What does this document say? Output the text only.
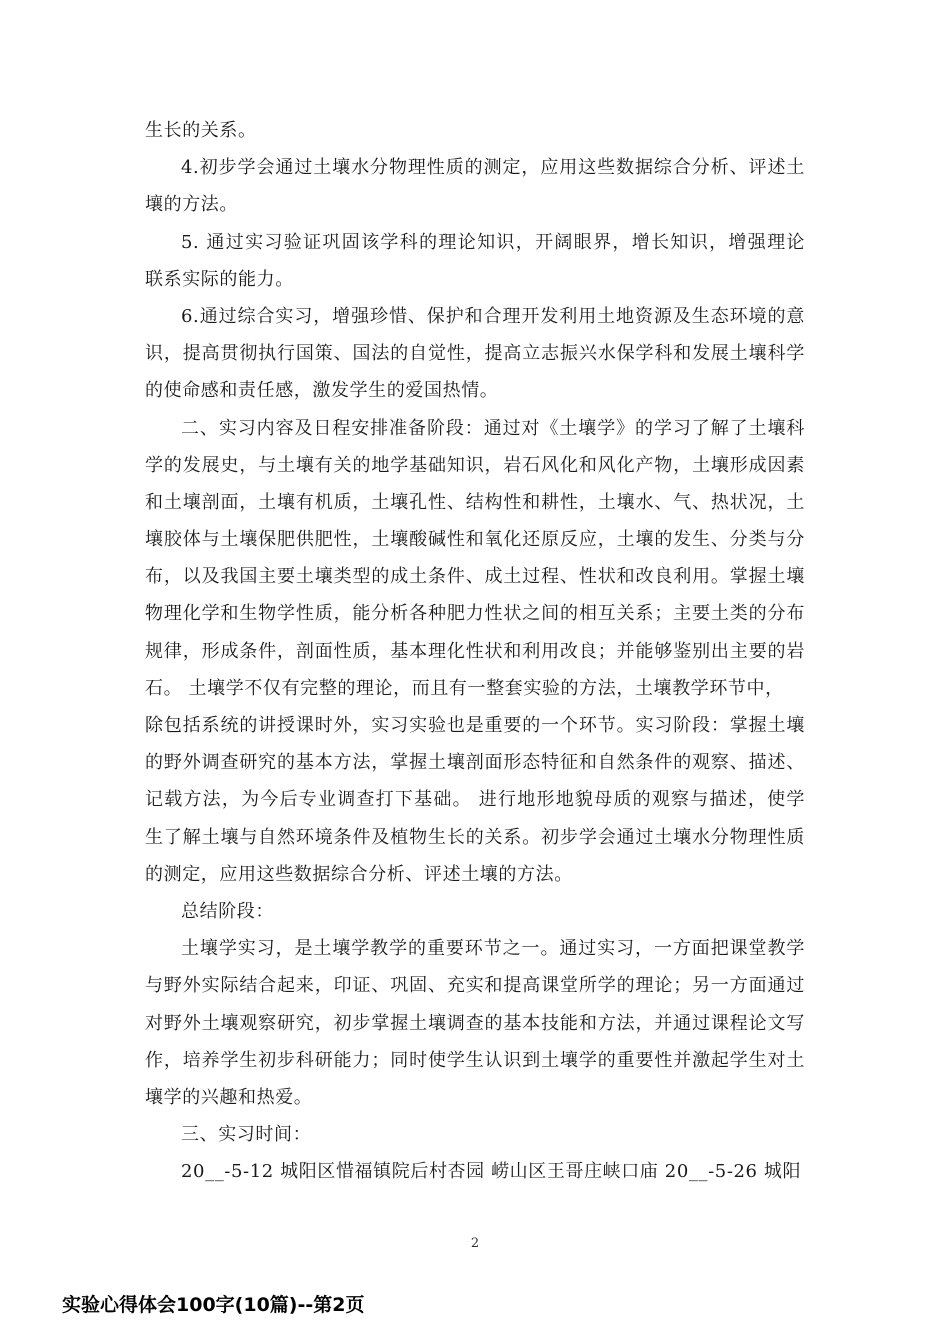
生长的关系。
4.初步学会通过土壤水分物理性质的测定，应用这些数据综合分析、评述土
壤的方法。
5. 通过实习验证巩固该学科的理论知识，开阔眼界，增长知识，增强理论
联系实际的能力。
6.通过综合实习，增强珍惜、保护和合理开发利用土地资源及生态环境的意
识，提高贯彻执行国策、国法的自觉性，提高立志振兴水保学科和发展土壤科学
的使命感和责任感，激发学生的爱国热情。
二、实习内容及日程安排准备阶段：通过对《土壤学》的学习了解了土壤科
学的发展史，与土壤有关的地学基础知识，岩石风化和风化产物，土壤形成因素
和土壤剖面，土壤有机质，土壤孔性、结构性和耕性，土壤水、气、热状况，土
壤胶体与土壤保肥供肥性，土壤酸碱性和氧化还原反应，土壤的发生、分类与分
布，以及我国主要土壤类型的成土条件、成土过程、性状和改良利用。掌握土壤
物理化学和生物学性质，能分析各种肥力性状之间的相互关系；主要土类的分布
规律，形成条件，剖面性质，基本理化性状和利用改良；并能够鉴别出主要的岩
石。 土壤学不仅有完整的理论，而且有一整套实验的方法，土壤教学环节中，
除包括系统的讲授课时外，实习实验也是重要的一个环节。实习阶段：掌握土壤
的野外调查研究的基本方法，掌握土壤剖面形态特征和自然条件的观察、描述、
记载方法，为今后专业调查打下基础。 进行地形地貌母质的观察与描述，使学
生了解土壤与自然环境条件及植物生长的关系。初步学会通过土壤水分物理性质
的测定，应用这些数据综合分析、评述土壤的方法。
总结阶段：
土壤学实习，是土壤学教学的重要环节之一。通过实习，一方面把课堂教学
与野外实际结合起来，印证、巩固、充实和提高课堂所学的理论；另一方面通过
对野外土壤观察研究，初步掌握土壤调查的基本技能和方法，并通过课程论文写
作，培养学生初步科研能力；同时使学生认识到土壤学的重要性并激起学生对土
壤学的兴趣和热爱。
三、实习时间：
20__-5-12 城阳区惜福镇院后村杏园 崂山区王哥庄峡口庙 20__-5-26 城阳
2
实验心得体会100字(10篇)--第2页
